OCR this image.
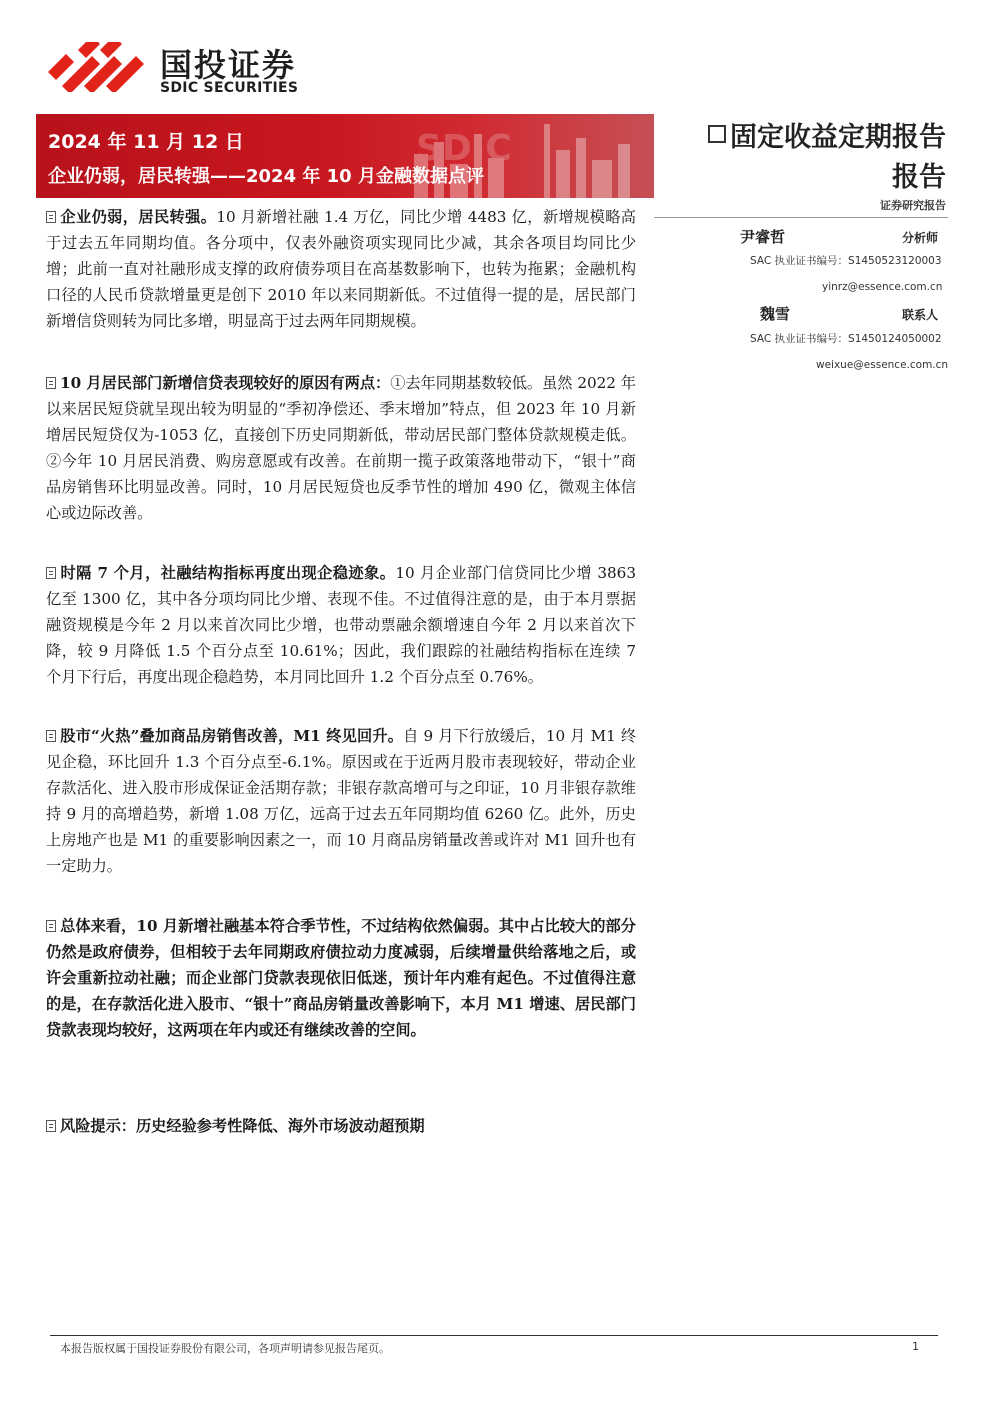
国投证券
SDIC SECURITIES
SDIC
2024 年 11 月 12 日
企业仍弱，居民转强——2024 年 10 月金融数据点评
固定收益定期报告
报告
证券研究报告
尹睿哲	分析师
SAC 执业证书编号：S1450523120003
yinrz@essence.com.cn
魏雪	联系人
SAC 执业证书编号：S1450124050002
weixue@essence.com.cn
企业仍弱，居民转强。10 月新增社融 1.4 万亿，同比少增 4483 亿，新增规模略高于过去五年同期均值。各分项中，仅表外融资项实现同比少减，其余各项目均同比少增；此前一直对社融形成支撑的政府债券项目在高基数影响下，也转为拖累；金融机构口径的人民币贷款增量更是创下 2010 年以来同期新低。不过值得一提的是，居民部门新增信贷则转为同比多增，明显高于过去两年同期规模。
10 月居民部门新增信贷表现较好的原因有两点：①去年同期基数较低。虽然 2022 年以来居民短贷就呈现出较为明显的“季初净偿还、季末增加”特点，但 2023 年 10 月新增居民短贷仅为-1053 亿，直接创下历史同期新低，带动居民部门整体贷款规模走低。②今年 10 月居民消费、购房意愿或有改善。在前期一揽子政策落地带动下，“银十”商品房销售环比明显改善。同时，10 月居民短贷也反季节性的增加 490 亿，微观主体信心或边际改善。
时隔 7 个月，社融结构指标再度出现企稳迹象。10 月企业部门信贷同比少增 3863 亿至 1300 亿，其中各分项均同比少增、表现不佳。不过值得注意的是，由于本月票据融资规模是今年 2 月以来首次同比少增，也带动票融余额增速自今年 2 月以来首次下降，较 9 月降低 1.5 个百分点至 10.61%；因此，我们跟踪的社融结构指标在连续 7 个月下行后，再度出现企稳趋势，本月同比回升 1.2 个百分点至 0.76%。
股市“火热”叠加商品房销售改善，M1 终见回升。自 9 月下行放缓后，10 月 M1 终见企稳，环比回升 1.3 个百分点至-6.1%。原因或在于近两月股市表现较好，带动企业存款活化、进入股市形成保证金活期存款；非银存款高增可与之印证，10 月非银存款维持 9 月的高增趋势，新增 1.08 万亿，远高于过去五年同期均值 6260 亿。此外，历史上房地产也是 M1 的重要影响因素之一，而 10 月商品房销量改善或许对 M1 回升也有一定助力。
总体来看，10 月新增社融基本符合季节性，不过结构依然偏弱。其中占比较大的部分仍然是政府债券，但相较于去年同期政府债拉动力度减弱，后续增量供给落地之后，或许会重新拉动社融；而企业部门贷款表现依旧低迷，预计年内难有起色。不过值得注意的是，在存款活化进入股市、“银十”商品房销量改善影响下，本月 M1 增速、居民部门贷款表现均较好，这两项在年内或还有继续改善的空间。
风险提示：历史经验参考性降低、海外市场波动超预期
本报告版权属于国投证券股份有限公司，各项声明请参见报告尾页。	1
